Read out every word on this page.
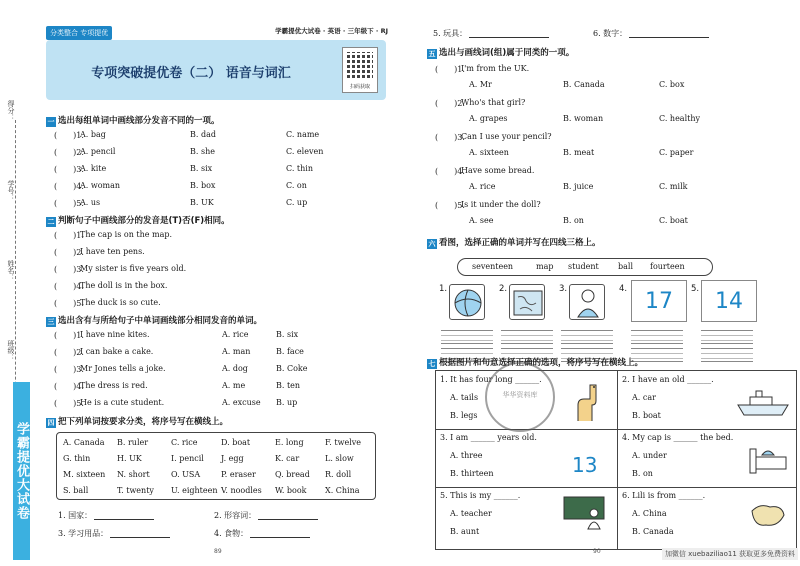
得分：
学号：
姓名：
班级：
学霸提优大试卷
分类整合 专项提优	学霸提优大试卷 · 英语 · 三年级下 · RJ
专项突破提优卷（二） 语音与词汇
扫码获取
一 选出每组单词中画线部分发音不同的一项。
(　　)1.
A. bag	B. dad	C. name
(　　)2.
A. pencil	B. she	C. eleven
(　　)3.
A. kite	B. six	C. thin
(　　)4.
A. woman	B. box	C. on
(　　)5.
A. us	B. UK	C. up
二 判断句子中画线部分的发音是(T)否(F)相同。
(　　)1.
The cap is on the map.
(　　)2.
I have ten pens.
(　　)3.
My sister is five years old.
(　　)4.
The doll is in the box.
(　　)5.
The duck is so cute.
三 选出含有与所给句子中单词画线部分相同发音的单词。
(　　)1.
I have nine kites.	A. rice	B. six
(　　)2.
I can bake a cake.	A. man	B. face
(　　)3.
Mr Jones tells a joke.	A. dog	B. Coke
(　　)4.
The dress is red.	A. me	B. ten
(　　)5.
He is a cute student.	A. excuse B. up
四 把下列单词按要求分类，将序号写在横线上。
A. Canada B. ruler	C. rice	D. boat	E. long	F. twelve
G. thin	H. UK	I. pencil J. egg	K. car	L. slow
M. sixteen N. short	O. USA	P. eraser Q. bread R. doll
S. ball	T. twenty U. eighteen V. noodles W. book X. China
1. 国家：	2. 形容词：
3. 学习用品：	4. 食物：
89
5. 玩具：	6. 数字：
五 选出与画线词(组)属于同类的一项。
(　　)1.
I'm from the UK.
A. Mr	B. Canada	C. box
(　　)2.
Who's that girl?
A. grapes	B. woman	C. healthy
(　　)3.
Can I use your pencil?
A. sixteen	B. meat	C. paper
(　　)4.
Have some bread.
A. rice	B. juice	C. milk
(　　)5.
Is it under the doll?
A. see	B. on	C. boat
六 看图，选择正确的单词并写在四线三格上。
seventeen	map student ball fourteen
1.	2.	3.	4. 17	5. 14
七 根据图片和句意选择正确的选项，将序号写在横线上。
1. It has four long ______.
A. tails
B. legs
2. I have an old ______.
A. car
B. boat
3. I am ______ years old.
A. three
B. thirteen	13
4. My cap is ______ the bed.
A. under
B. on
5. This is my ______.
A. teacher
B. aunt
6. Lili is from ______.
A. China
B. Canada
华华资料库
90	加微信 xuebaziliao11 获取更多免费资料
